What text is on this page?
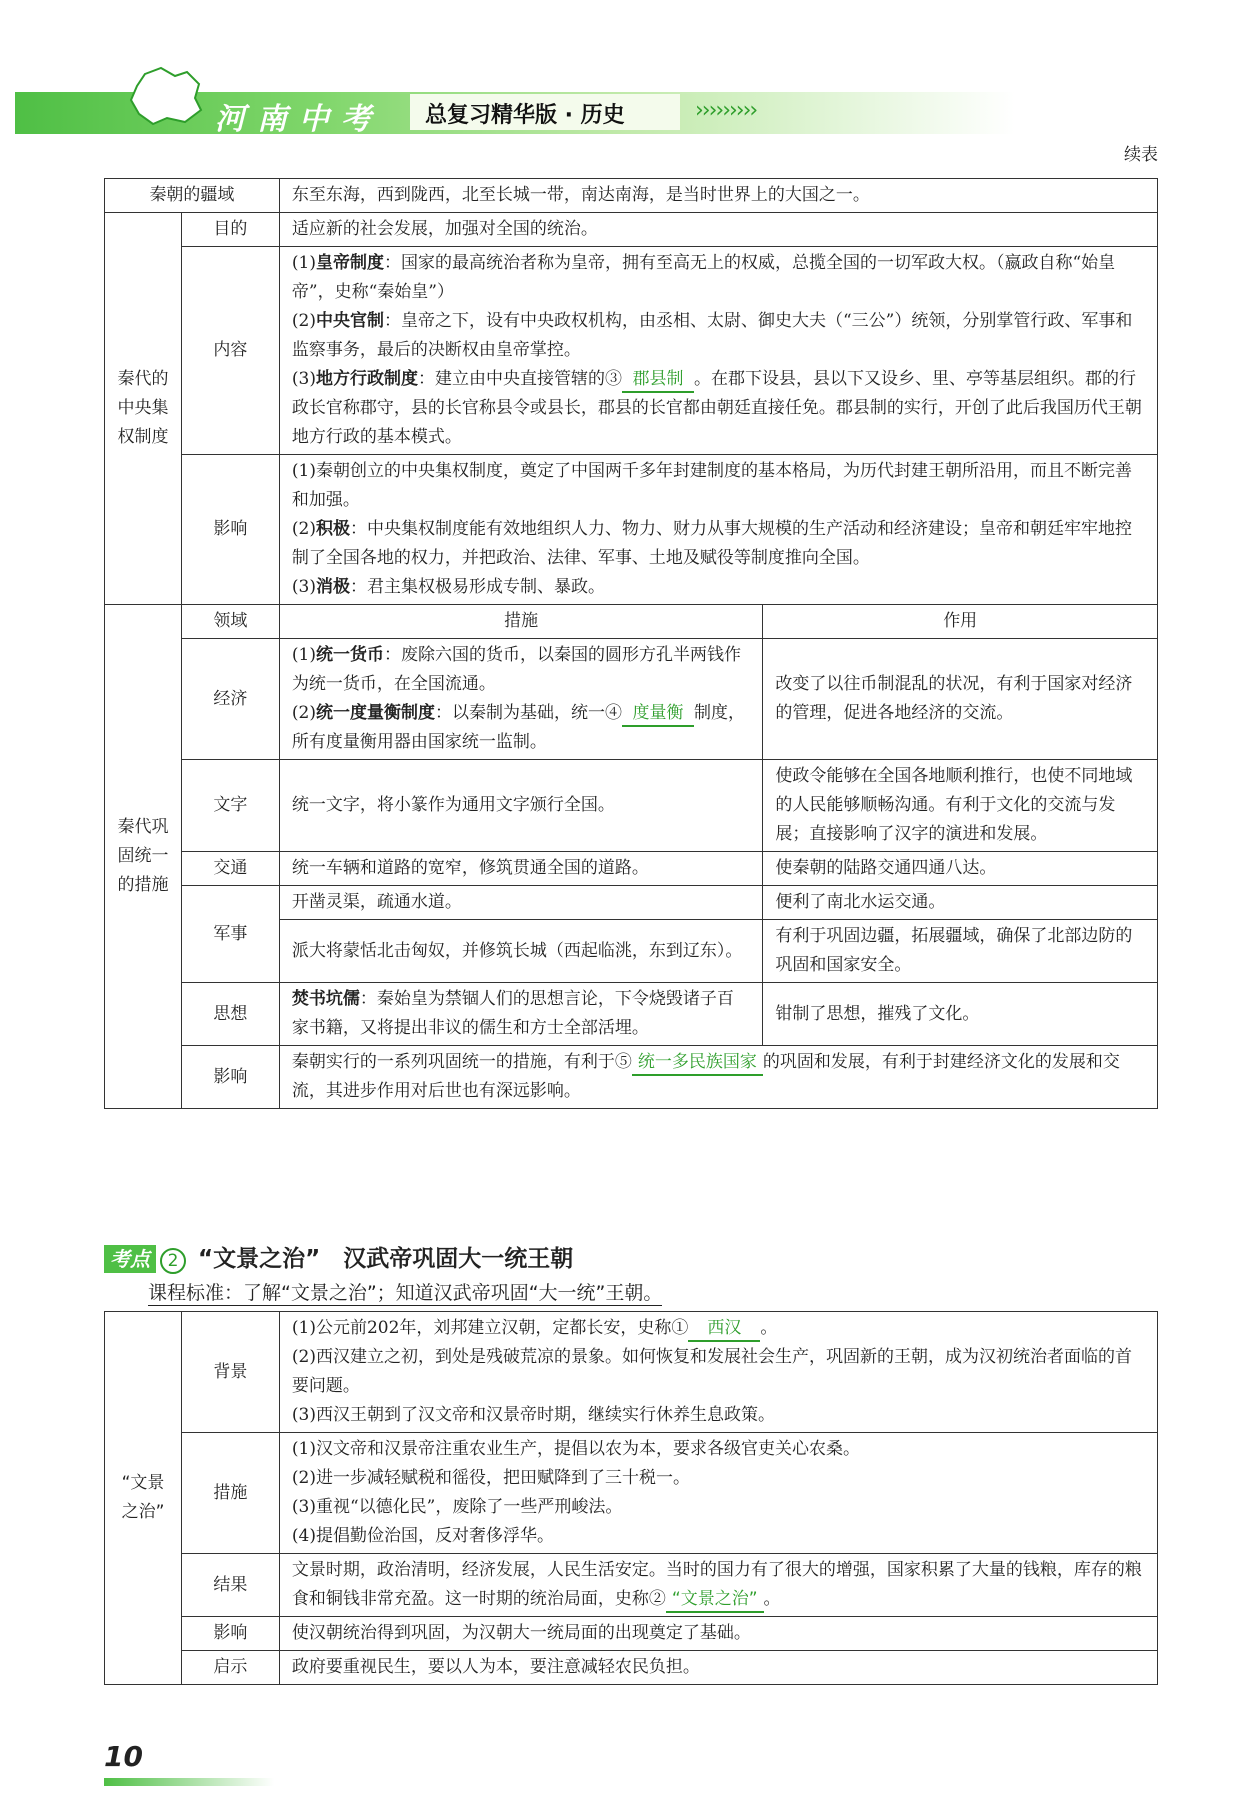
河南中考 总复习精华版 · 历史	›››››››››
续表
秦朝的疆域		东至东海，西到陇西，北至长城一带，南达南海，是当时世界上的大国之一。	
秦代的中央集权制度	目的	适应新的社会发展，加强对全国的统治。	
	内容	(1)皇帝制度：国家的最高统治者称为皇帝，拥有至高无上的权威，总揽全国的一切军政大权。（嬴政自称“始皇帝”，史称“秦始皇”）
(2)中央官制：皇帝之下，设有中央政权机构，由丞相、太尉、御史大夫（“三公”）统领，分别掌管行政、军事和监察事务，最后的决断权由皇帝掌控。
(3)地方行政制度：建立由中央直接管辖的③ 郡县制 。在郡下设县，县以下又设乡、里、亭等基层组织。郡的行政长官称郡守，县的长官称县令或县长，郡县的长官都由朝廷直接任免。郡县制的实行，开创了此后我国历代王朝地方行政的基本模式。	

	影响	(1)秦朝创立的中央集权制度，奠定了中国两千多年封建制度的基本格局，为历代封建王朝所沿用，而且不断完善和加强。
(2)积极：中央集权制度能有效地组织人力、物力、财力从事大规模的生产活动和经济建设；皇帝和朝廷牢牢地控制了全国各地的权力，并把政治、法律、军事、土地及赋役等制度推向全国。
(3)消极：君主集权极易形成专制、暴政。	

秦代巩固统一的措施	领域	措施	作用
	经济	(1)统一货币：废除六国的货币，以秦国的圆形方孔半两钱作为统一货币，在全国流通。
(2)统一度量衡制度：以秦制为基础，统一④ 度量衡 制度，所有度量衡用器由国家统一监制。	改变了以往币制混乱的状况，有利于国家对经济的管理，促进各地经济的交流。
	文字	统一文字，将小篆作为通用文字颁行全国。	使政令能够在全国各地顺利推行，也使不同地域的人民能够顺畅沟通。有利于文化的交流与发展；直接影响了汉字的演进和发展。
	交通	统一车辆和道路的宽窄，修筑贯通全国的道路。	使秦朝的陆路交通四通八达。
	军事	开凿灵渠，疏通水道。	便利了南北水运交通。
		派大将蒙恬北击匈奴，并修筑长城（西起临洮，东到辽东）。	有利于巩固边疆，拓展疆域，确保了北部边防的巩固和国家安全。
	思想	焚书坑儒：秦始皇为禁锢人们的思想言论，下令烧毁诸子百家书籍，又将提出非议的儒生和方士全部活埋。	钳制了思想，摧残了文化。
	影响	秦朝实行的一系列巩固统一的措施，有利于⑤ 统一多民族国家 的巩固和发展，有利于封建经济文化的发展和交流，其进步作用对后世也有深远影响。	
考点 2 “文景之治”　汉武帝巩固大一统王朝
课程标准：了解“文景之治”；知道汉武帝巩固“大一统”王朝。
“文景之治”	背景	(1)公元前202年，刘邦建立汉朝，定都长安，史称① 西汉 。
(2)西汉建立之初，到处是残破荒凉的景象。如何恢复和发展社会生产，巩固新的王朝，成为汉初统治者面临的首要问题。
(3)西汉王朝到了汉文帝和汉景帝时期，继续实行休养生息政策。

	措施	(1)汉文帝和汉景帝注重农业生产，提倡以农为本，要求各级官吏关心农桑。
(2)进一步减轻赋税和徭役，把田赋降到了三十税一。
(3)重视“以德化民”，废除了一些严刑峻法。
(4)提倡勤俭治国，反对奢侈浮华。

	结果	文景时期，政治清明，经济发展，人民生活安定。当时的国力有了很大的增强，国家积累了大量的钱粮，库存的粮食和铜钱非常充盈。这一时期的统治局面，史称② “文景之治” 。
	影响	使汉朝统治得到巩固，为汉朝大一统局面的出现奠定了基础。
	启示	政府要重视民生，要以人为本，要注意减轻农民负担。
10
